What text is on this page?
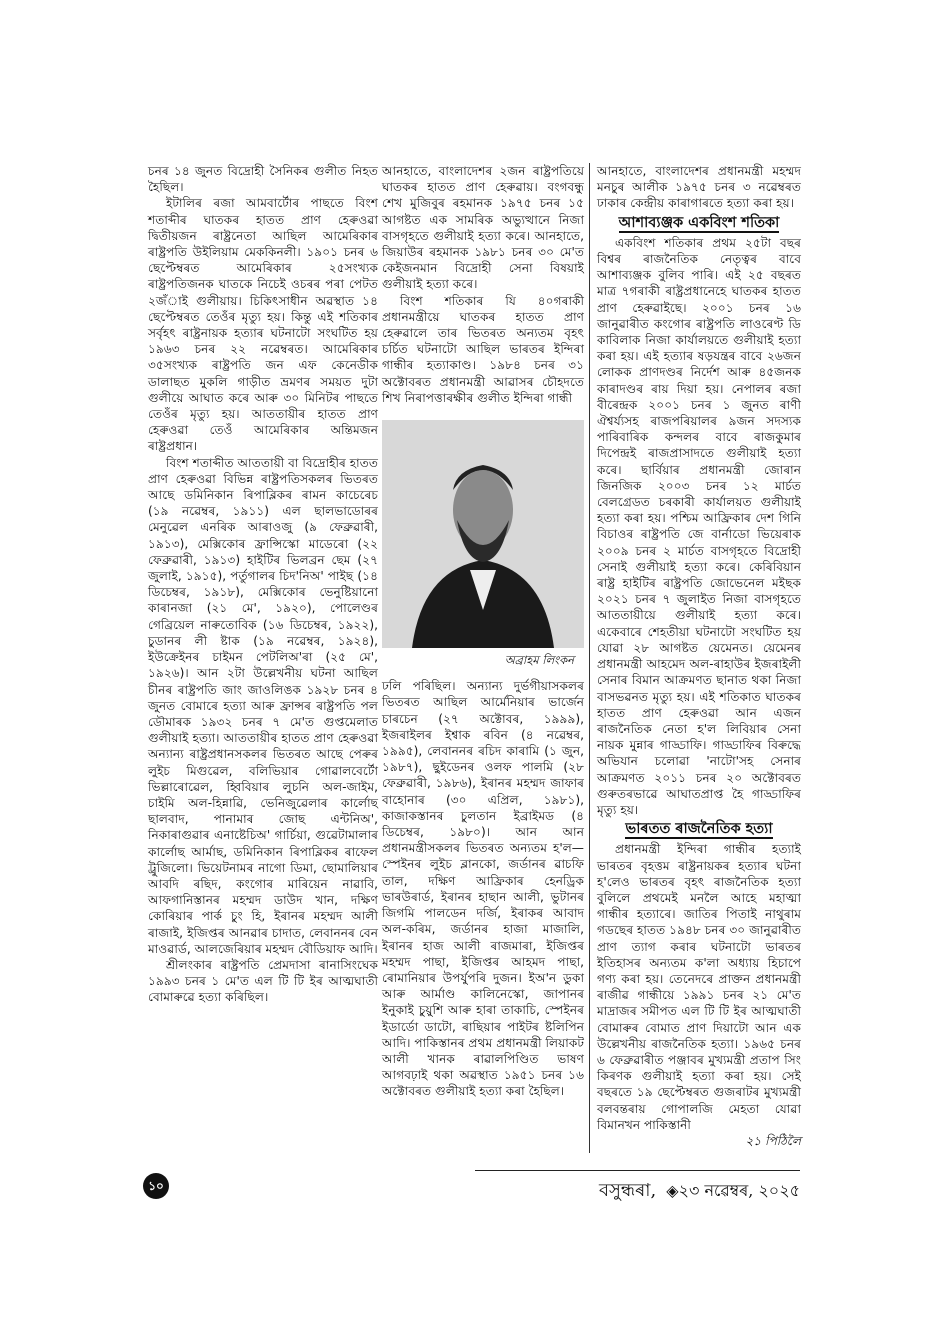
চনৰ ১৪ জুনত বিদ্ৰোহী সৈনিকৰ গুলীত নিহত হৈছিল।

ইটালিৰ ৰজা আমবাৰ্টোৰ পাছতে বিংশ শতাব্দীৰ ঘাতকৰ হাতত প্ৰাণ হেৰুওৱা দ্বিতীয়জন ৰাষ্ট্ৰনেতা আছিল আমেৰিকাৰ ৰাষ্ট্ৰপতি উইলিয়াম মেককিনলী। ১৯০১ চনৰ ৬ ছেপ্টেম্বৰত আমেৰিকাৰ ২৫সংখ্যক ৰাষ্ট্ৰপতিজনক ঘাতকে নিচেই ওচৰৰ পৰা পেটত ২জঁাই গুলীয়ায়। চিকিৎসাধীন অৱস্থাত ১৪ ছেপ্টেম্বৰত তেওঁৰ মৃত্যু হয়। কিন্তু এই শতিকাৰ সৰ্বৃহৎ ৰাষ্ট্ৰনায়ক হত্যাৰ ঘটনাটো সংঘটিত হয় ১৯৬৩ চনৰ ২২ নৱেম্বৰত। আমেৰিকাৰ ৩৫সংখ্যক ৰাষ্ট্ৰপতি জন এফ কেনেডীক ডালাছত মুকলি গাড়ীত ভ্ৰমণৰ সময়ত দুটা গুলীয়ে আঘাত কৰে আৰু ৩০ মিনিটৰ পাছতে তেওঁৰ মৃত্যু হয়। আততায়ীৰ হাতত প্ৰাণ হেৰুওৱা তেওঁ আমেৰিকাৰ অন্তিমজন ৰাষ্ট্ৰপ্ৰধান।

বিংশ শতাব্দীত আততায়ী বা বিদ্ৰোহীৰ হাতত প্ৰাণ হেৰুওৱা বিভিন্ন ৰাষ্ট্ৰপতিসকলৰ ভিতৰত আছে ডমিনিকান ৰিপাব্লিকৰ ৰামন কাচেৰেচ (১৯ নৱেম্বৰ, ১৯১১) এল ছালভাডোৰৰ মেনুৱেল এনৰিক আৰাওজু (৯ ফেব্ৰুৱাৰী, ১৯১৩), মেক্সিকোৰ ফ্ৰান্সিস্কো মাডেৰো (২২ ফেব্ৰুৱাৰী, ১৯১৩) হাইটিৰ ভিলব্ৰন ছেম (২৭ জুলাই, ১৯১৫), পৰ্তুগালৰ চিদ'নিঅ' পাইছ (১৪ ডিচেম্বৰ, ১৯১৮), মেক্সিকোৰ ভেনুষ্টিয়ানো কাৰানজা (২১ মে', ১৯২০), পোলেণ্ডৰ গেব্ৰিয়েল নাৰুতোবিক (১৬ ডিচেম্বৰ, ১৯২২), চুডানৰ লী ষ্টাক (১৯ নৱেম্বৰ, ১৯২৪), ইউক্ৰেইনৰ চাইমন পেটলিঅ'ৰা (২৫ মে', ১৯২৬)। আন ২টা উল্লেখনীয় ঘটনা আছিল চীনৰ ৰাষ্ট্ৰপতি জাং জাওলিঙক ১৯২৮ চনৰ ৪ জুনত বোমাৰে হত্যা আৰু ফ্ৰান্সৰ ৰাষ্ট্ৰপতি পল ডৌমাৰক ১৯৩২ চনৰ ৭ মে'ত গুপ্তমেলাত গুলীয়াই হত্যা। আততায়ীৰ হাতত প্ৰাণ হেৰুওৱা অন্যান্য ৰাষ্ট্ৰপ্ৰধানসকলৰ ভিতৰত আছে পেৰুৰ লুইচ মিগুৱেল, বলিভিয়াৰ গোৱালবেৰ্টো ভিল্লাৰোৱেল, হ্বিবিয়াৰ লুচনি অল-জাইম, চাইমি অল-হিন্নাৱি, ভেনিজুৱেলাৰ কাৰ্লোছ ছালবাদ, পানামাৰ জোছ এন্টনিঅ', নিকাৰাগুৱাৰ এনাষ্টেচিঅ' গাৰ্চিয়া, গুৱেটামালাৰ কাৰ্লোছ আৰ্মাছ, ডমিনিকান ৰিপাব্লিকৰ ৰাফেল ট্ৰুজিলো। ভিয়েটনামৰ নাগো ডিমা, ছোমালিয়াৰ আবদি ৰছিদ, কংগোৰ মাৰিয়েন নাৱাবি, আফগানিস্তানৰ মহম্মদ ডাউদ খান, দক্ষিণ কোৰিয়াৰ পাৰ্ক চুং হি, ইৰানৰ মহম্মদ আলী ৰাজাই, ইজিপ্তৰ আনৱাৰ চাদাত, লেবাননৰ বেন মাওৱাৰ্ড, আলজেৰিয়াৰ মহম্মদ বৌডিয়াফ আদি।

শ্ৰীলংকাৰ ৰাষ্ট্ৰপতি প্ৰেমদাসা ৰানাসিংঘেক ১৯৯৩ চনৰ ১ মে'ত এল টি টি ইৰ আত্মঘাতী বোমাৰুৱে হত্যা কৰিছিল।

আনহাতে, বাংলাদেশৰ ২জন ৰাষ্ট্ৰপতিয়ে ঘাতকৰ হাতত প্ৰাণ হেৰুৱায়। বংগবন্ধু শেখ মুজিবুৰ ৰহমানক ১৯৭৫ চনৰ ১৫ আগষ্টত এক সামৰিক অভ্যুত্থানে নিজা বাসগৃহতে গুলীয়াই হত্যা কৰে। আনহাতে, জিয়াউৰ ৰহমানক ১৯৮১ চনৰ ৩০ মে'ত কেইজনমান বিদ্ৰোহী সেনা বিষয়াই গুলীয়াই হত্যা কৰে।

বিংশ শতিকাৰ যি ৪০গৰাকী প্ৰধানমন্ত্ৰীয়ে ঘাতকৰ হাতত প্ৰাণ হেৰুৱালে তাৰ ভিতৰত অন্যতম বৃহৎ চৰ্চিত ঘটনাটো আছিল ভাৰতৰ ইন্দিৰা গান্ধীৰ হত্যাকাণ্ড। ১৯৮৪ চনৰ ৩১ অক্টোবৰত প্ৰধানমন্ত্ৰী আৱাসৰ চৌহদতে শিখ নিৰাপত্তাৰক্ষীৰ গুলীত ইন্দিৰা গান্ধী

অব্ৰাহম লিংকন

ঢলি পৰিছিল। অন্যান্য দুৰ্ভগীয়াসকলৰ ভিতৰত আছিল আৰ্মেনিয়াৰ ভাৰ্জেন চাৰচেন (২৭ অক্টোবৰ, ১৯৯৯), ইজৰাইলৰ ইশ্বাক ৰবিন (৪ নৱেম্বৰ, ১৯৯৫), লেবাননৰ ৰচিদ কাৰামি (১ জুন, ১৯৮৭), ছুইডেনৰ ওলফ পালমি (২৮ ফেব্ৰুৱাৰী, ১৯৮৬), ইৰানৰ মহম্মদ জাফাৰ বাহোনাৰ (৩০ এপ্ৰিল, ১৯৮১), কাজাকস্তানৰ চুলতান ইব্ৰাইমড (৪ ডিচেম্বৰ, ১৯৮০)। আন আন প্ৰধানমন্ত্ৰীসকলৰ ভিতৰত অন্যতম হ'ল— স্পেইনৰ লুইচ ব্লানকো, জৰ্ডানৰ ৱাচফি তাল, দক্ষিণ আফ্ৰিকাৰ হেনড্ৰিক ভাৰউৰাৰ্ড, ইৰানৰ হাছান আলী, ভুটানৰ জিগমি পালডেন দৰ্জি, ইৰাকৰ আবাদ অল-কৰিম, জৰ্ডানৰ হাজা মাজালি, ইৰানৰ হাজ আলী ৰাজমাৰা, ইজিপ্তৰ মহম্মদ পাছা, ইজিপ্তৰ আহমদ পাছা, ৰোমানিয়াৰ উপৰ্যুপৰি দুজন। ইঅ'ন ডুকা আৰু আৰ্মাণ্ড কালিনেস্কো, জাপানৰ ইনুকাই চুয়ুশি আৰু হাৰা তাকাচি, স্পেইনৰ ইডাৰ্ডো ডাটো, ৰাছিয়াৰ পাইটৰ ষ্টলিপিন আদি। পাকিস্তানৰ প্ৰথম প্ৰধানমন্ত্ৰী লিয়াকট আলী খানক ৰাৱালপিণ্ডিত ভাষণ আগবঢ়াই থকা অৱস্থাত ১৯৫১ চনৰ ১৬ অক্টোবৰত গুলীয়াই হত্যা কৰা হৈছিল।

আনহাতে, বাংলাদেশৰ প্ৰধানমন্ত্ৰী মহম্মদ মনচুৰ আলীক ১৯৭৫ চনৰ ৩ নৱেম্বৰত ঢাকাৰ কেন্দ্ৰীয় কাৰাগাৰতে হত্যা কৰা হয়।

আশাব্যঞ্জক একবিংশ শতিকা

একবিংশ শতিকাৰ প্ৰথম ২৫টা বছৰ বিশ্বৰ ৰাজনৈতিক নেতৃত্বৰ বাবে আশাব্যঞ্জক বুলিব পাৰি। এই ২৫ বছৰত মাত্ৰ ৭গৰাকী ৰাষ্ট্ৰপ্ৰধানেহে ঘাতকৰ হাতত প্ৰাণ হেৰুৱাইছে। ২০০১ চনৰ ১৬ জানুৱাৰীত কংগোৰ ৰাষ্ট্ৰপতি লাওৰেণ্ট ডি কাবিলাক নিজা কাৰ্যালয়তে গুলীয়াই হত্যা কৰা হয়। এই হত্যাৰ ষড়যন্ত্ৰৰ বাবে ২৬জন লোকক প্ৰাণদণ্ডৰ নিৰ্দেশ আৰু ৪৫জনক কাৰাদণ্ডৰ ৰায় দিয়া হয়। নেপালৰ ৰজা বীৰেন্দ্ৰক ২০০১ চনৰ ১ জুনত ৰাণী ঐশ্বৰ্য্যসহ ৰাজপৰিয়ালৰ ৯জন সদস্যক পাৰিবাৰিক কন্দলৰ বাবে ৰাজকুমাৰ দিপেন্দ্ৰই ৰাজপ্ৰাসাদতে গুলীয়াই হত্যা কৰে। ছাৰ্বিয়াৰ প্ৰধানমন্ত্ৰী জোৰান জিনজিক ২০০৩ চনৰ ১২ মাৰ্চত বেলগ্ৰেডত চৰকাৰী কাৰ্যালয়ত গুলীয়াই হত্যা কৰা হয়। পশ্চিম আফ্ৰিকাৰ দেশ গিনি বিচাওৰ ৰাষ্ট্ৰপতি জে বাৰ্নাডো ভিয়েৰাক ২০০৯ চনৰ ২ মাৰ্চত বাসগৃহতে বিদ্ৰোহী সেনাই গুলীয়াই হত্যা কৰে। কেৰিবিয়ান ৰাষ্ট্ৰ হাইটিৰ ৰাষ্ট্ৰপতি জোভেনেল মইছক ২০২১ চনৰ ৭ জুলাইত নিজা বাসগৃহতে আততায়ীয়ে গুলীয়াই হত্যা কৰে। একেবাৰে শেহতীয়া ঘটনাটো সংঘটিত হয় যোৱা ২৮ আগষ্টত য়েমেনত। য়েমেনৰ প্ৰধানমন্ত্ৰী আহমেদ অল-ৰাহাউৰ ইজৰাইলী সেনাৰ বিমান আক্ৰমণত ছানাত থকা নিজা বাসভৱনত মৃত্যু হয়। এই শতিকাত ঘাতকৰ হাতত প্ৰাণ হেৰুওৱা আন এজন ৰাজনৈতিক নেতা হ'ল লিবিয়াৰ সেনা নায়ক মুন্নাৰ গাড্ডাফি। গাড্ডাফিৰ বিৰুদ্ধে অভিযান চলোৱা 'নাটো'সহ সেনাৰ আক্ৰমণত ২০১১ চনৰ ২০ অক্টোবৰত গুৰুতৰভাৱে আঘাতপ্ৰাপ্ত হৈ গাড্ডাফিৰ মৃত্যু হয়।

ভাৰতত ৰাজনৈতিক হত্যা

প্ৰধানমন্ত্ৰী ইন্দিৰা গান্ধীৰ হত্যাই ভাৰতৰ বৃহত্তম ৰাষ্ট্ৰনায়কৰ হত্যাৰ ঘটনা হ'লেও ভাৰতৰ বৃহৎ ৰাজনৈতিক হত্যা বুলিলে প্ৰথমেই মনলৈ আহে মহাত্মা গান্ধীৰ হত্যাৰে। জাতিৰ পিতাই নাথুৰাম গডছেৰ হাতত ১৯৪৮ চনৰ ৩০ জানুৱাৰীত প্ৰাণ ত্যাগ কৰাৰ ঘটনাটো ভাৰতৰ ইতিহাসৰ অন্যতম ক'লা অধ্যায় হিচাপে গণ্য কৰা হয়। তেনেদৰে প্ৰাক্তন প্ৰধানমন্ত্ৰী ৰাজীৱ গান্ধীয়ে ১৯৯১ চনৰ ২১ মে'ত মাদ্ৰাজৰ সমীপত এল টি টি ইৰ আত্মঘাতী বোমাৰুৰ বোমাত প্ৰাণ দিয়াটো আন এক উল্লেখনীয় ৰাজনৈতিক হত্যা। ১৯৬৫ চনৰ ৬ ফেব্ৰুৱাৰীত পঞ্জাবৰ মুখ্যমন্ত্ৰী প্ৰতাপ সিং কিৰণক গুলীয়াই হত্যা কৰা হয়। সেই বছৰতে ১৯ ছেপ্টেম্বৰত গুজৰাটৰ মুখ্যমন্ত্ৰী বলবন্তৰায় গোপালজি মেহতা যোৱা বিমানখন পাকিস্তানী

২১ পিঠিলৈ
১০	বসুন্ধৰা, ◈২৩ নৱেম্বৰ, ২০২৫
